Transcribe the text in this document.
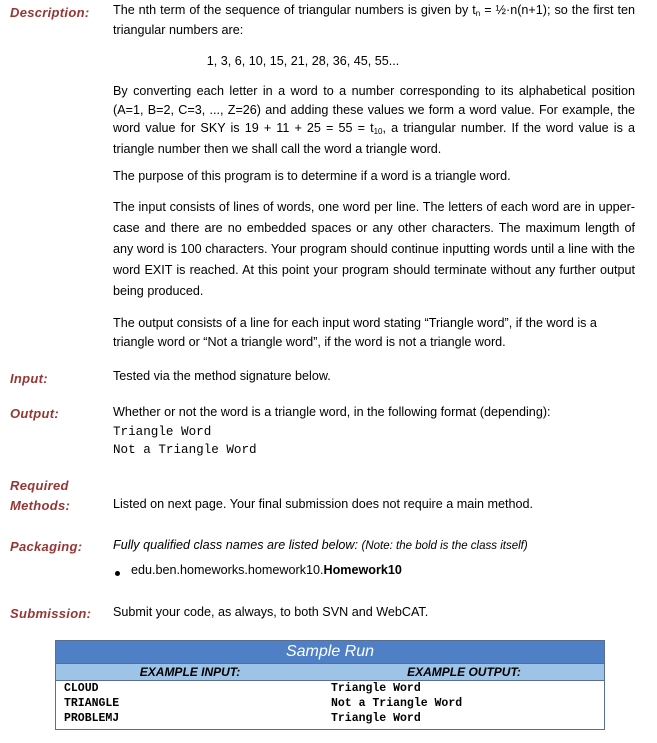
Description:
Input:
Output:
Required
Methods:
Packaging:
Submission:
The nth term of the sequence of triangular numbers is given by $t_n$ = ½·n(n+1); so the first ten triangular numbers are:
1, 3, 6, 10, 15, 21, 28, 36, 45, 55...
By converting each letter in a word to a number corresponding to its alphabetical position (A=1, B=2, C=3, ..., Z=26) and adding these values we form a word value. For example, the word value for SKY is $19 + 11 + 25 = 55 = t_{10}$, a triangular number. If the word value is a triangle number then we shall call the word a triangle word.
The purpose of this program is to determine if a word is a triangle word.
The input consists of lines of words, one word per line. The letters of each word are in upper-case and there are no embedded spaces or any other characters. The maximum length of any word is 100 characters. Your program should continue inputting words until a line with the word EXIT is reached. At this point your program should terminate without any further output being produced.
The output consists of a line for each input word stating “Triangle word”, if the word is a triangle word or “Not a triangle word”, if the word is not a triangle word.
Tested via the method signature below.
Whether or not the word is a triangle word, in the following format (depending):
Triangle Word
Not a Triangle Word
Listed on next page. Your final submission does not require a main method.
Fully qualified class names are listed below: (Note: the bold is the class itself)
edu.ben.homeworks.homework10.Homework10
Submit your code, as always, to both SVN and WebCAT.
Sample Run
EXAMPLE INPUT:	EXAMPLE OUTPUT:
CLOUD
TRIANGLE
PROBLEMJ
Triangle Word
Not a Triangle Word
Triangle Word
